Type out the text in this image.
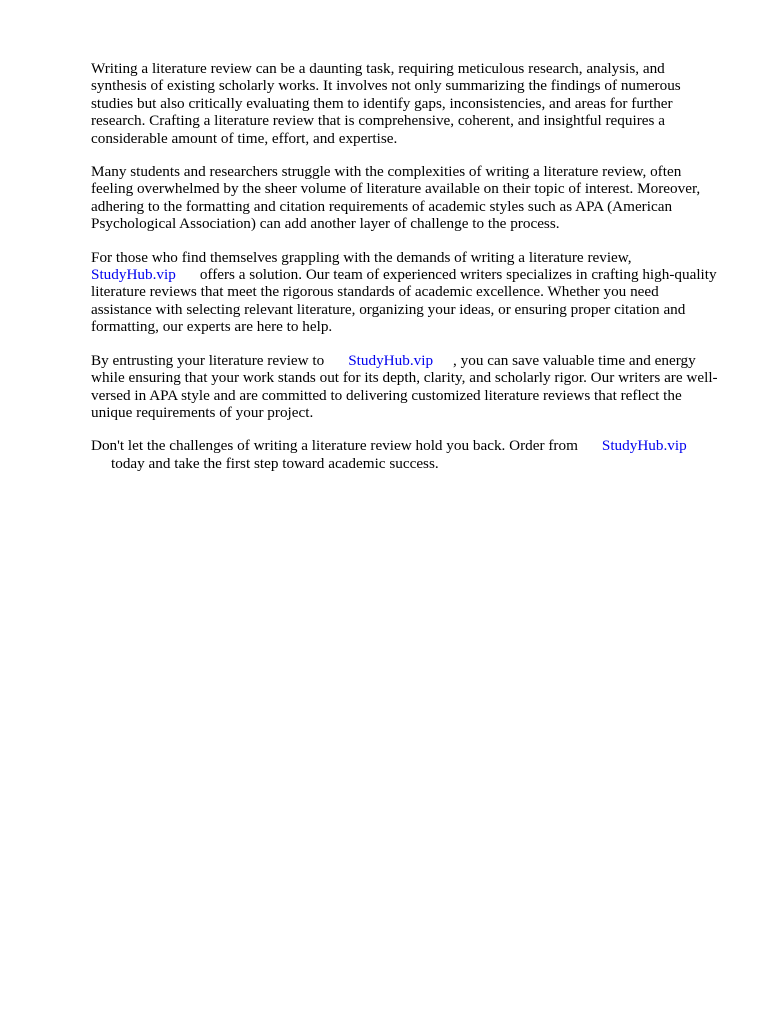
Writing a literature review can be a daunting task, requiring meticulous research, analysis, and synthesis of existing scholarly works. It involves not only summarizing the findings of numerous studies but also critically evaluating them to identify gaps, inconsistencies, and areas for further research. Crafting a literature review that is comprehensive, coherent, and insightful requires a considerable amount of time, effort, and expertise.

Many students and researchers struggle with the complexities of writing a literature review, often feeling overwhelmed by the sheer volume of literature available on their topic of interest. Moreover, adhering to the formatting and citation requirements of academic styles such as APA (American Psychological Association) can add another layer of challenge to the process.

For those who find themselves grappling with the demands of writing a literature review,
StudyHub.vip offers a solution. Our team of experienced writers specializes in crafting high-quality literature reviews that meet the rigorous standards of academic excellence. Whether you need assistance with selecting relevant literature, organizing your ideas, or ensuring proper citation and formatting, our experts are here to help.

By entrusting your literature review to StudyHub.vip , you can save valuable time and energy while ensuring that your work stands out for its depth, clarity, and scholarly rigor. Our writers are well-versed in APA style and are committed to delivering customized literature reviews that reflect the unique requirements of your project.

Don't let the challenges of writing a literature review hold you back. Order from StudyHub.vip
today and take the first step toward academic success.
